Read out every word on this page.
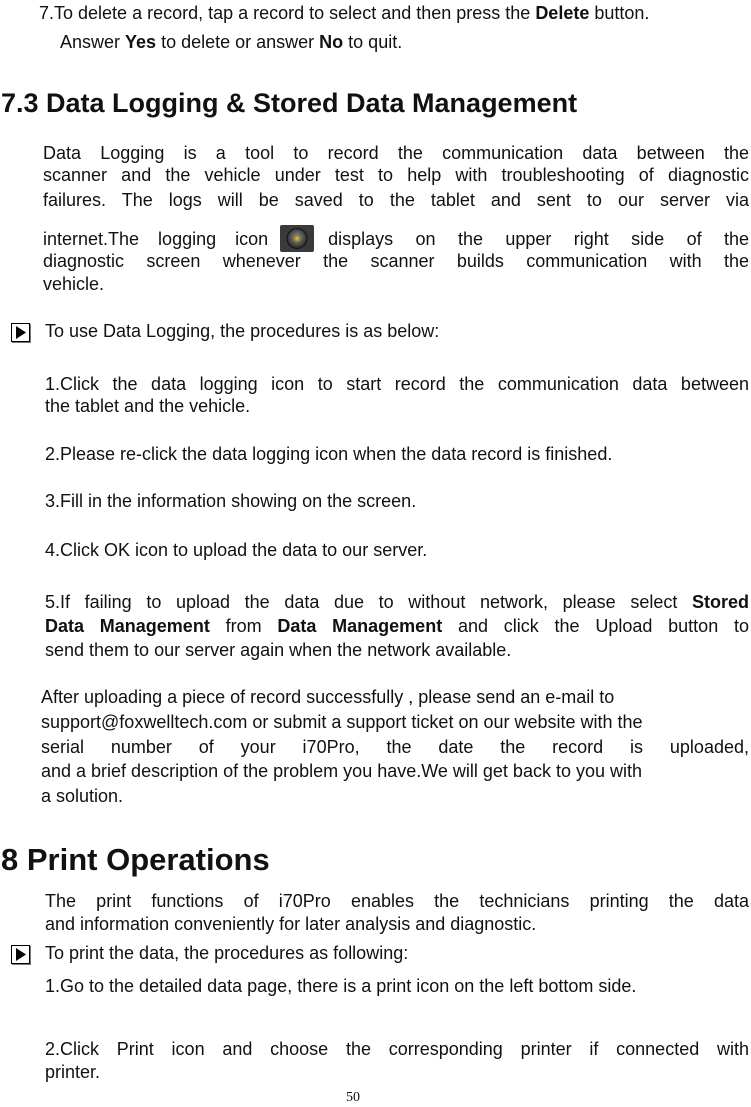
7.To delete a record, tap a record to select and then press the Delete button.
Answer Yes to delete or answer No to quit.
7.3 Data Logging & Stored Data Management
Data Logging is a tool to record the communication data between the
scanner and the vehicle under test to help with troubleshooting of diagnostic
failures. The logs will be saved to the tablet and sent to our server via
internet.The logging icon	displays on the upper right side of the
diagnostic screen whenever the scanner builds communication with the
vehicle.
To use Data Logging, the procedures is as below:
1.Click the data logging icon to start record the communication data between
the tablet and the vehicle.
2.Please re-click the data logging icon when the data record is finished.
3.Fill in the information showing on the screen.
4.Click OK icon to upload the data to our server.
5.If failing to upload the data due to without network, please select Stored
Data Management from Data Management and click the Upload button to
send them to our server again when the network available.
After uploading a piece of record successfully , please send an e-mail to
support@foxwelltech.com or submit a support ticket on our website with the
serial number of your i70Pro, the date the record is uploaded,
and a brief description of the problem you have.We will get back to you with
a solution.
8 Print Operations
The print functions of i70Pro enables the technicians printing the data
and information conveniently for later analysis and diagnostic.
To print the data, the procedures as following:
1.Go to the detailed data page, there is a print icon on the left bottom side.
2.Click Print icon and choose the corresponding printer if connected with
printer.
50
